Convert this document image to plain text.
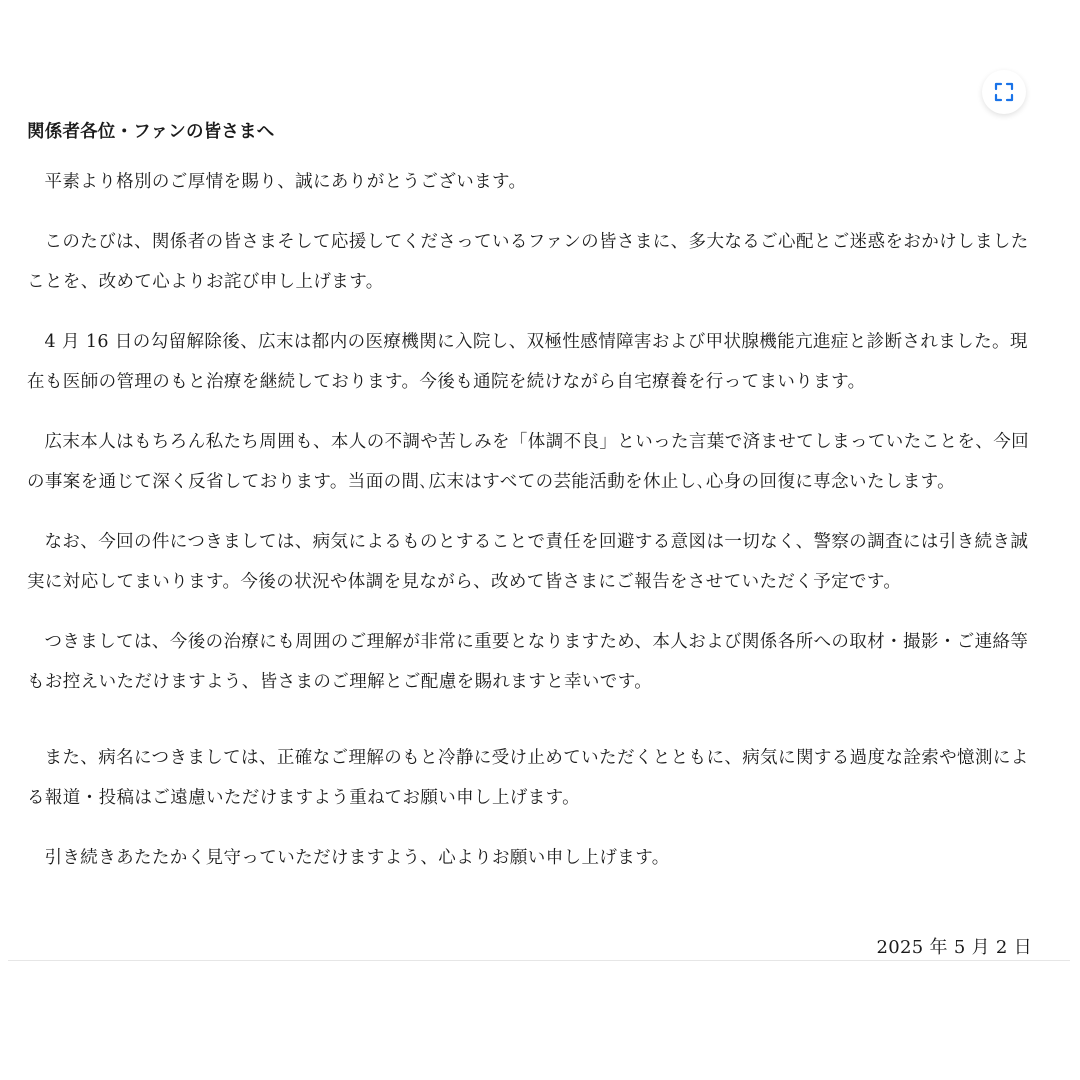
関係者各位・ファンの皆さまへ

平素より格別のご厚情を賜り、誠にありがとうございます。

このたびは、関係者の皆さまそして応援してくださっているファンの皆さまに、多大なるご心配とご迷惑をおかけしましたことを、改めて心よりお詫び申し上げます。

4 月 16 日の勾留解除後、広末は都内の医療機関に入院し、双極性感情障害および甲状腺機能亢進症と診断されました。現在も医師の管理のもと治療を継続しております。今後も通院を続けながら自宅療養を行ってまいります。

広末本人はもちろん私たち周囲も、本人の不調や苦しみを「体調不良」といった言葉で済ませてしまっていたことを、今回の事案を通じて深く反省しております。当面の間､広末はすべての芸能活動を休止し､心身の回復に専念いたします。

なお、今回の件につきましては、病気によるものとすることで責任を回避する意図は一切なく、警察の調査には引き続き誠実に対応してまいります。今後の状況や体調を見ながら、改めて皆さまにご報告をさせていただく予定です。

つきましては、今後の治療にも周囲のご理解が非常に重要となりますため、本人および関係各所への取材・撮影・ご連絡等もお控えいただけますよう、皆さまのご理解とご配慮を賜れますと幸いです。

また、病名につきましては、正確なご理解のもと冷静に受け止めていただくとともに、病気に関する過度な詮索や憶測による報道・投稿はご遠慮いただけますよう重ねてお願い申し上げます。

引き続きあたたかく見守っていただけますよう、心よりお願い申し上げます。

2025 年 5 月 2 日
